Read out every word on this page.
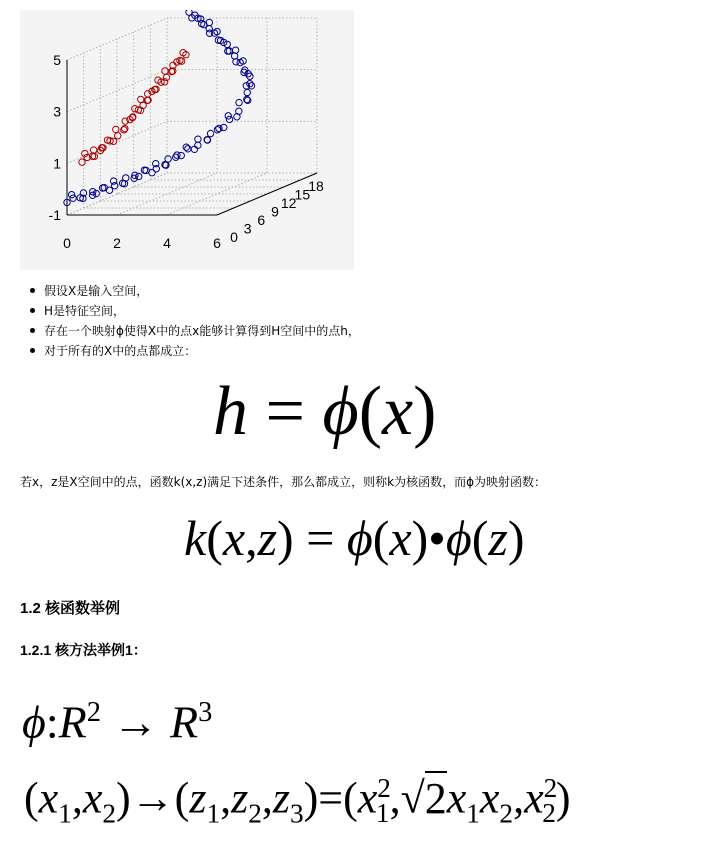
5
3
1
-1
0	2	4	6 0
3
6
9
12
15
18
假设X是输入空间，
H是特征空间，
存在一个映射ϕ使得X中的点x能够计算得到H空间中的点h，
对于所有的X中的点都成立：
h = ϕ(x)
若x，z是X空间中的点，函数k(x,z)满足下述条件，那么都成立，则称k为核函数，而ϕ为映射函数：
k(x,z) = ϕ(x)•ϕ(z)
1.2 核函数举例
1.2.1 核方法举例1：
$\phi:R^2 \to R^3$
$(x_1,x_2)\to(z_1,z_2,z_3)=(x^2_1,√2x_1x_2,x^2_2)$
